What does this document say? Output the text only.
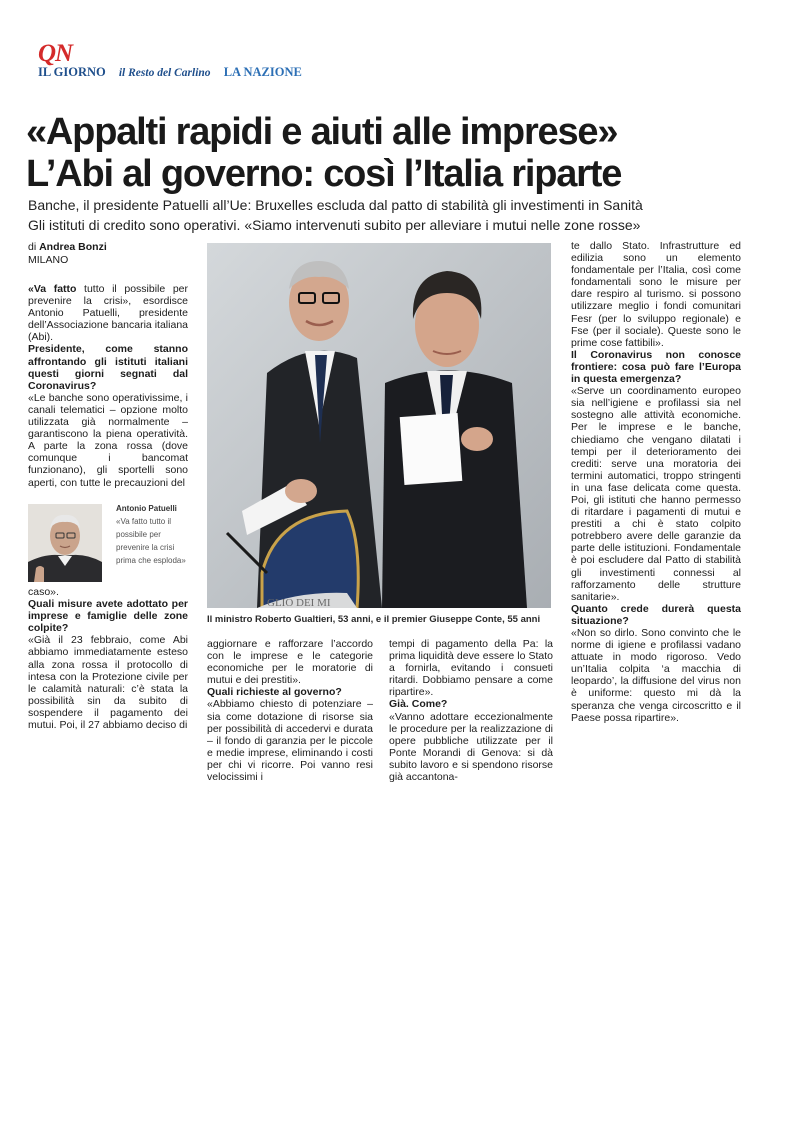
QN
IL GIORNO il Resto del Carlino LA NAZIONE
«Appalti rapidi e aiuti alle imprese»
L’Abi al governo: così l’Italia riparte
Banche, il presidente Patuelli all’Ue: Bruxelles escluda dal patto di stabilità gli investimenti in Sanità
Gli istituti di credito sono operativi. «Siamo intervenuti subito per alleviare i mutui nelle zone rosse»
di Andrea Bonzi
MILANO

«Va fatto tutto il possibile per prevenire la crisi», esordisce Antonio Patuelli, presidente dell’Associazione bancaria italiana (Abi).

Presidente, come stanno affrontando gli istituti italiani questi giorni segnati dal Coronavirus?

«Le banche sono operativissime, i canali telematici – opzione molto utilizzata già normalmente – garantiscono la piena operatività. A parte la zona rossa (dove comunque i bancomat funzionano), gli sportelli sono aperti, con tutte le precauzioni del

Antonio Patuelli
«Va fatto tutto il possibile per prevenire la crisi prima che esploda»

caso».

Quali misure avete adottato per imprese e famiglie delle zone colpite?

«Già il 23 febbraio, come Abi abbiamo immediatamente esteso alla zona rossa il protocollo di intesa con la Protezione civile per le calamità naturali: c’è stata la possibilità sin da subito di sospendere il pagamento dei mutui. Poi, il 27 abbiamo deciso di

GLIO DEI MI
Il ministro Roberto Gualtieri, 53 anni, e il premier Giuseppe Conte, 55 anni

aggiornare e rafforzare l’accordo con le imprese e le categorie economiche per le moratorie di mutui e dei prestiti».

Quali richieste al governo?

«Abbiamo chiesto di potenziare – sia come dotazione di risorse sia per possibilità di accedervi e durata – il fondo di garanzia per le piccole e medie imprese, eliminando i costi per chi vi ricorre. Poi vanno resi velocissimi i

tempi di pagamento della Pa: la prima liquidità deve essere lo Stato a fornirla, evitando i consueti ritardi. Dobbiamo pensare a come ripartire».

Già. Come?

«Vanno adottare eccezionalmente le procedure per la realizzazione di opere pubbliche utilizzate per il Ponte Morandi di Genova: si dà subito lavoro e si spendono risorse già accantona-

te dallo Stato. Infrastrutture ed edilizia sono un elemento fondamentale per l’Italia, così come fondamentali sono le misure per dare respiro al turismo. si possono utilizzare meglio i fondi comunitari Fesr (per lo sviluppo regionale) e Fse (per il sociale). Queste sono le prime cose fattibili».

Il Coronavirus non conosce frontiere: cosa può fare l’Europa in questa emergenza?

«Serve un coordinamento europeo sia nell’igiene e profilassi sia nel sostegno alle attività economiche. Per le imprese e le banche, chiediamo che vengano dilatati i tempi per il deterioramento dei crediti: serve una moratoria dei termini automatici, troppo stringenti in una fase delicata come questa. Poi, gli istituti che hanno permesso di ritardare i pagamenti di mutui e prestiti a chi è stato colpito potrebbero avere delle garanzie da parte delle istituzioni. Fondamentale è poi escludere dal Patto di stabilità gli investimenti connessi al rafforzamento delle strutture sanitarie».

Quanto crede durerà questa situazione?

«Non so dirlo. Sono convinto che le norme di igiene e profilassi vadano attuate in modo rigoroso. Vedo un’Italia colpita ‘a macchia di leopardo’, la diffusione del virus non è uniforme: questo mi dà la speranza che venga circoscritto e il Paese possa ripartire».
